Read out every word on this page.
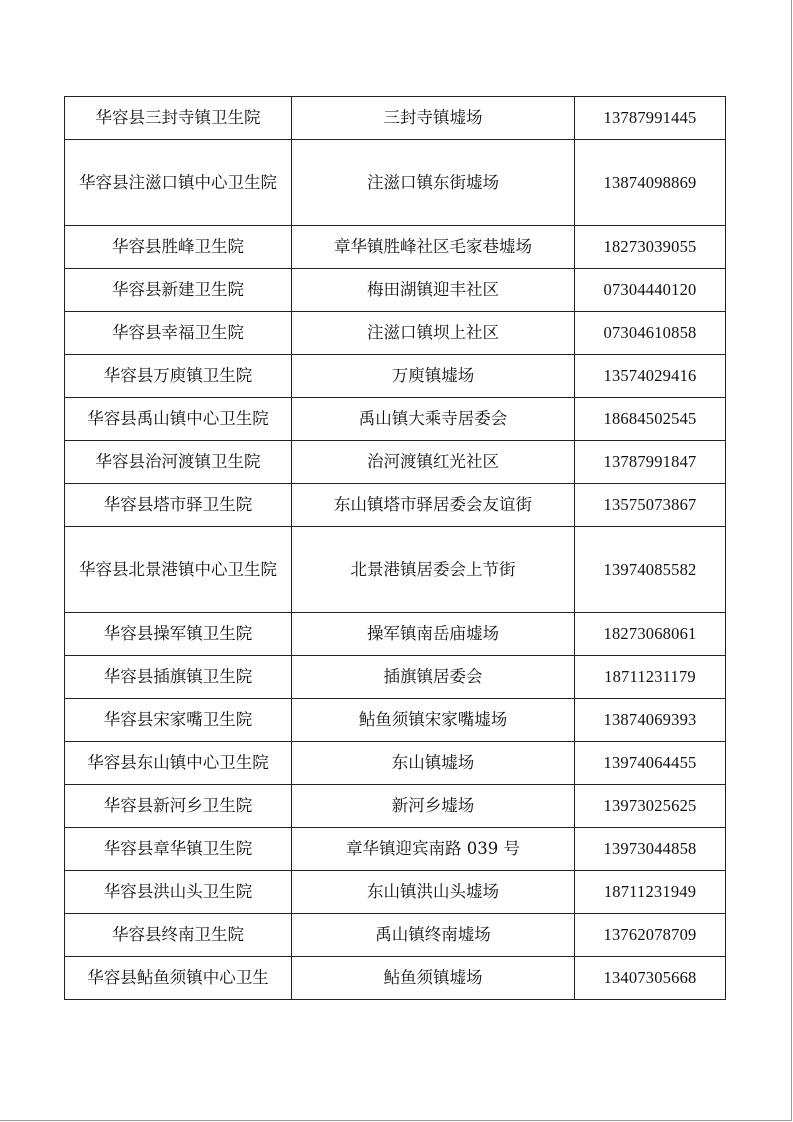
华容县三封寺镇卫生院	三封寺镇墟场	13787991445
华容县注滋口镇中心卫生院	注滋口镇东街墟场	13874098869
华容县胜峰卫生院	章华镇胜峰社区毛家巷墟场	18273039055
华容县新建卫生院	梅田湖镇迎丰社区	07304440120
华容县幸福卫生院	注滋口镇坝上社区	07304610858
华容县万庾镇卫生院	万庾镇墟场	13574029416
华容县禹山镇中心卫生院	禹山镇大乘寺居委会	18684502545
华容县治河渡镇卫生院	治河渡镇红光社区	13787991847
华容县塔市驿卫生院	东山镇塔市驿居委会友谊街	13575073867
华容县北景港镇中心卫生院	北景港镇居委会上节街	13974085582
华容县操军镇卫生院	操军镇南岳庙墟场	18273068061
华容县插旗镇卫生院	插旗镇居委会	18711231179
华容县宋家嘴卫生院	鲇鱼须镇宋家嘴墟场	13874069393
华容县东山镇中心卫生院	东山镇墟场	13974064455
华容县新河乡卫生院	新河乡墟场	13973025625
华容县章华镇卫生院	章华镇迎宾南路 039 号	13973044858
华容县洪山头卫生院	东山镇洪山头墟场	18711231949
华容县终南卫生院	禹山镇终南墟场	13762078709
华容县鲇鱼须镇中心卫生	鲇鱼须镇墟场	13407305668
